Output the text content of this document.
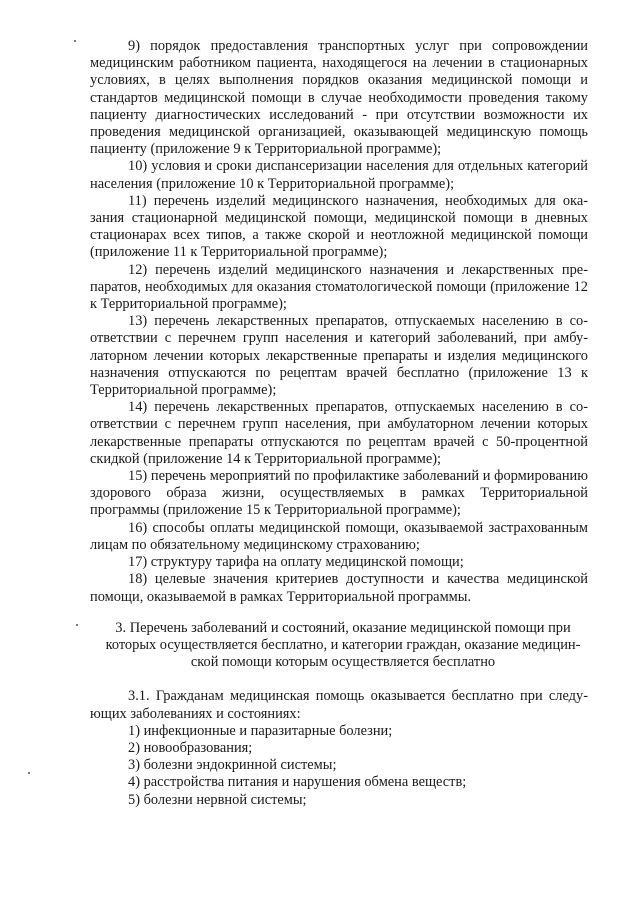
9) порядок предоставления транспортных услуг при сопровождении медицинским работником пациента, находящегося на лечении в стационарных условиях, в целях выполнения порядков оказания медицинской помощи и стандартов медицинской помощи в случае необходимости проведения такому пациенту диагностических исследований - при отсутствии возможности их проведения медицинской организацией, оказывающей медицинскую помощь пациенту (приложение 9 к Территориальной программе);

10) условия и сроки диспансеризации населения для отдельных категорий населения (приложение 10 к Территориальной программе);

11) перечень изделий медицинского назначения, необходимых для оказания стационарной медицинской помощи, медицинской помощи в дневных стационарах всех типов, а также скорой и неотложной медицинской помощи (приложение 11 к Территориальной программе);

12) перечень изделий медицинского назначения и лекарственных препаратов, необходимых для оказания стоматологической помощи (приложение 12 к Территориальной программе);

13) перечень лекарственных препаратов, отпускаемых населению в соответствии с перечнем групп населения и категорий заболеваний, при амбулаторном лечении которых лекарственные препараты и изделия медицинского назначения отпускаются по рецептам врачей бесплатно (приложение 13 к Территориальной программе);

14) перечень лекарственных препаратов, отпускаемых населению в соответствии с перечнем групп населения, при амбулаторном лечении которых лекарственные препараты отпускаются по рецептам врачей с 50-процентной скидкой (приложение 14 к Территориальной программе);

15) перечень мероприятий по профилактике заболеваний и формированию здорового образа жизни, осуществляемых в рамках Территориальной программы (приложение 15 к Территориальной программе);

16) способы оплаты медицинской помощи, оказываемой застрахованным лицам по обязательному медицинскому страхованию;

17) структуру тарифа на оплату медицинской помощи;

18) целевые значения критериев доступности и качества медицинской помощи, оказываемой в рамках Территориальной программы.

3. Перечень заболеваний и состояний, оказание медицинской помощи при которых осуществляется бесплатно, и категории граждан, оказание медицинской помощи которым осуществляется бесплатно

3.1. Гражданам медицинская помощь оказывается бесплатно при следующих заболеваниях и состояниях:

1) инфекционные и паразитарные болезни;

2) новообразования;

3) болезни эндокринной системы;

4) расстройства питания и нарушения обмена веществ;

5) болезни нервной системы;
